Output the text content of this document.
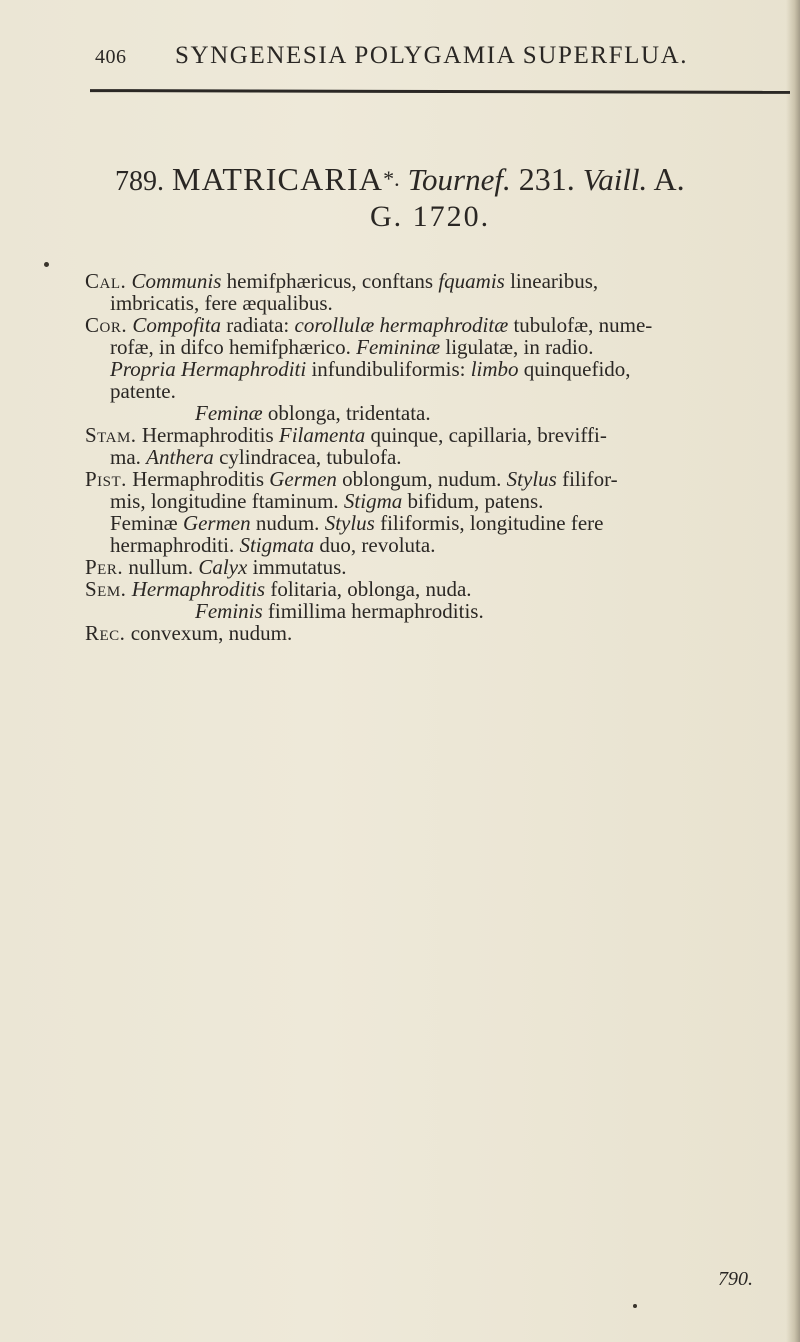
406 SYNGENESIA POLYGAMIA SUPERFLUA.
789. MATRICARIA*. Tournef. 231. Vaill. A.
G. 1720.
Cal. Communis hemifphæricus, conftans fquamis linearibus,
imbricatis, fere æqualibus.
Cor. Compofita radiata: corollulæ hermaphroditæ tubulofæ, nume-
rofæ, in difco hemifphærico. Femininæ ligulatæ, in radio.
Propria Hermaphroditi infundibuliformis: limbo quinquefido,
patente.
Feminæ oblonga, tridentata.
Stam. Hermaphroditis Filamenta quinque, capillaria, breviffi-
ma. Anthera cylindracea, tubulofa.
Pist. Hermaphroditis Germen oblongum, nudum. Stylus filifor-
mis, longitudine ftaminum. Stigma bifidum, patens.
Feminæ Germen nudum. Stylus filiformis, longitudine fere
hermaphroditi. Stigmata duo, revoluta.
Per. nullum. Calyx immutatus.
Sem. Hermaphroditis folitaria, oblonga, nuda.
Feminis fimillima hermaphroditis.
Rec. convexum, nudum.
790.
